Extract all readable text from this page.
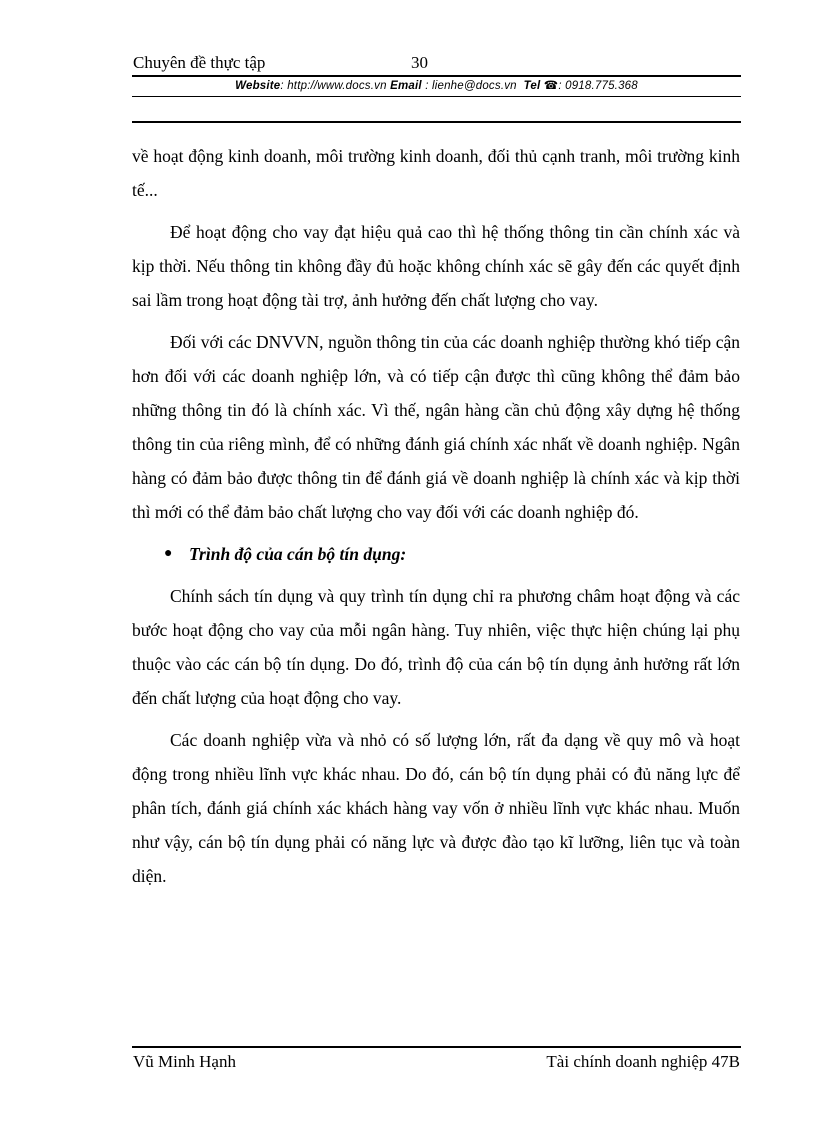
Chuyên đề thực tập	30
Website: http://www.docs.vn Email : lienhe@docs.vn Tel ☎: 0918.775.368

về hoạt động kinh doanh, môi trường kinh doanh, đối thủ cạnh tranh, môi trường kinh tế...

Để hoạt động cho vay đạt hiệu quả cao thì hệ thống thông tin cần chính xác và kịp thời. Nếu thông tin không đầy đủ hoặc không chính xác sẽ gây đến các quyết định sai lầm trong hoạt động tài trợ, ảnh hưởng đến chất lượng cho vay.

Đối với các DNVVN, nguồn thông tin của các doanh nghiệp thường khó tiếp cận hơn đối với các doanh nghiệp lớn, và có tiếp cận được thì cũng không thể đảm bảo những thông tin đó là chính xác. Vì thế, ngân hàng cần chủ động xây dựng hệ thống thông tin của riêng mình, để có những đánh giá chính xác nhất về doanh nghiệp. Ngân hàng có đảm bảo được thông tin để đánh giá về doanh nghiệp là chính xác và kịp thời thì mới có thể đảm bảo chất lượng cho vay đối với các doanh nghiệp đó.

● Trình độ của cán bộ tín dụng:

Chính sách tín dụng và quy trình tín dụng chỉ ra phương châm hoạt động và các bước hoạt động cho vay của mỗi ngân hàng. Tuy nhiên, việc thực hiện chúng lại phụ thuộc vào các cán bộ tín dụng. Do đó, trình độ của cán bộ tín dụng ảnh hưởng rất lớn đến chất lượng của hoạt động cho vay.

Các doanh nghiệp vừa và nhỏ có số lượng lớn, rất đa dạng về quy mô và hoạt động trong nhiều lĩnh vực khác nhau. Do đó, cán bộ tín dụng phải có đủ năng lực để phân tích, đánh giá chính xác khách hàng vay vốn ở nhiều lĩnh vực khác nhau. Muốn như vậy, cán bộ tín dụng phải có năng lực và được đào tạo kĩ lưỡng, liên tục và toàn diện.

Vũ Minh Hạnh	Tài chính doanh nghiệp 47B
